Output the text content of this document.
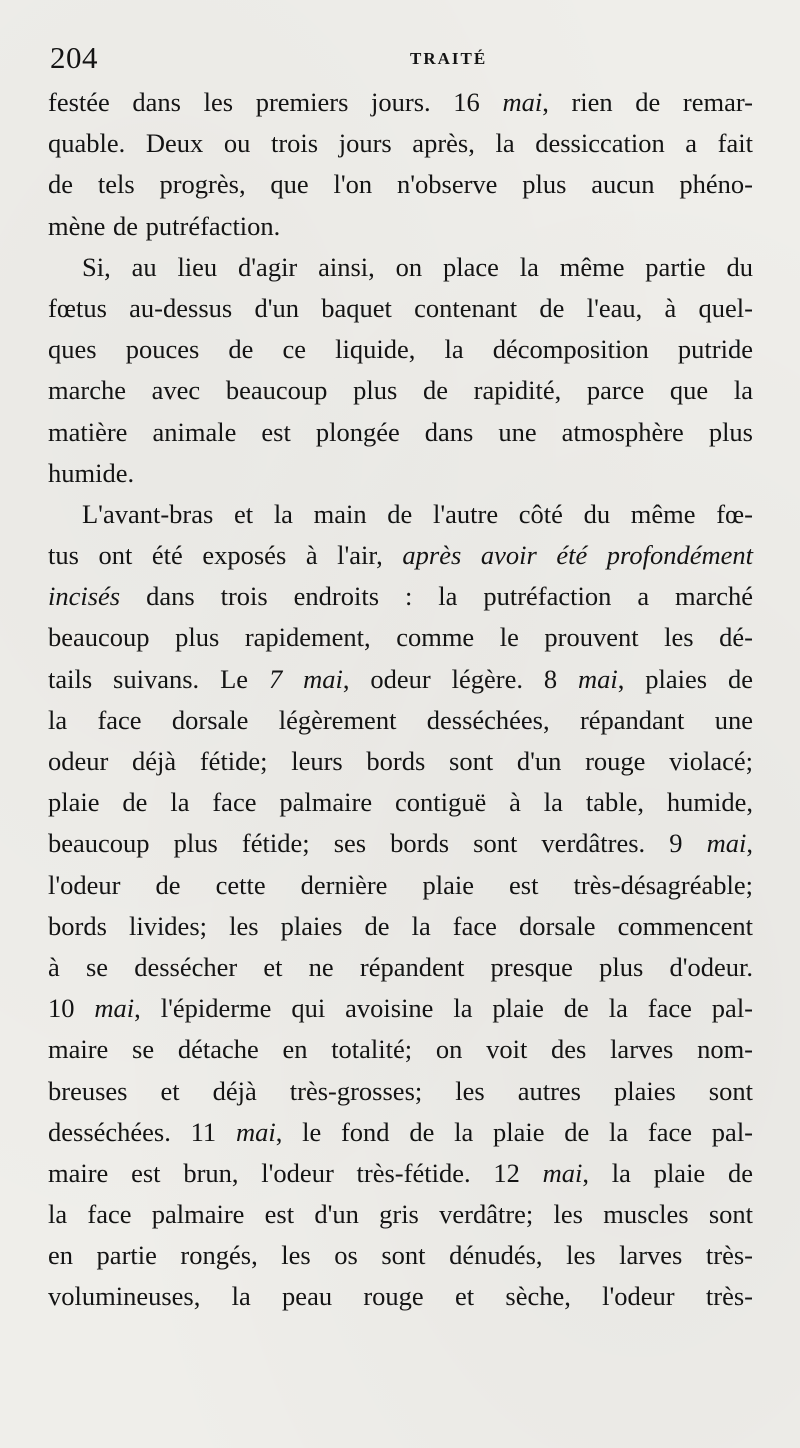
204	TRAITÉ
festée dans les premiers jours. 16 mai, rien de remar-
quable. Deux ou trois jours après, la dessiccation a fait
de tels progrès, que l'on n'observe plus aucun phéno-
mène de putréfaction.
Si, au lieu d'agir ainsi, on place la même partie du
fœtus au-dessus d'un baquet contenant de l'eau, à quel-
ques pouces de ce liquide, la décomposition putride
marche avec beaucoup plus de rapidité, parce que la
matière animale est plongée dans une atmosphère plus
humide.
L'avant-bras et la main de l'autre côté du même fœ-
tus ont été exposés à l'air, après avoir été profondément
incisés dans trois endroits : la putréfaction a marché
beaucoup plus rapidement, comme le prouvent les dé-
tails suivans. Le 7 mai, odeur légère. 8 mai, plaies de
la face dorsale légèrement desséchées, répandant une
odeur déjà fétide; leurs bords sont d'un rouge violacé;
plaie de la face palmaire contiguë à la table, humide,
beaucoup plus fétide; ses bords sont verdâtres. 9 mai,
l'odeur de cette dernière plaie est très-désagréable;
bords livides; les plaies de la face dorsale commencent
à se dessécher et ne répandent presque plus d'odeur.
10 mai, l'épiderme qui avoisine la plaie de la face pal-
maire se détache en totalité; on voit des larves nom-
breuses et déjà très-grosses; les autres plaies sont
desséchées. 11 mai, le fond de la plaie de la face pal-
maire est brun, l'odeur très-fétide. 12 mai, la plaie de
la face palmaire est d'un gris verdâtre; les muscles sont
en partie rongés, les os sont dénudés, les larves très-
volumineuses, la peau rouge et sèche, l'odeur très-
